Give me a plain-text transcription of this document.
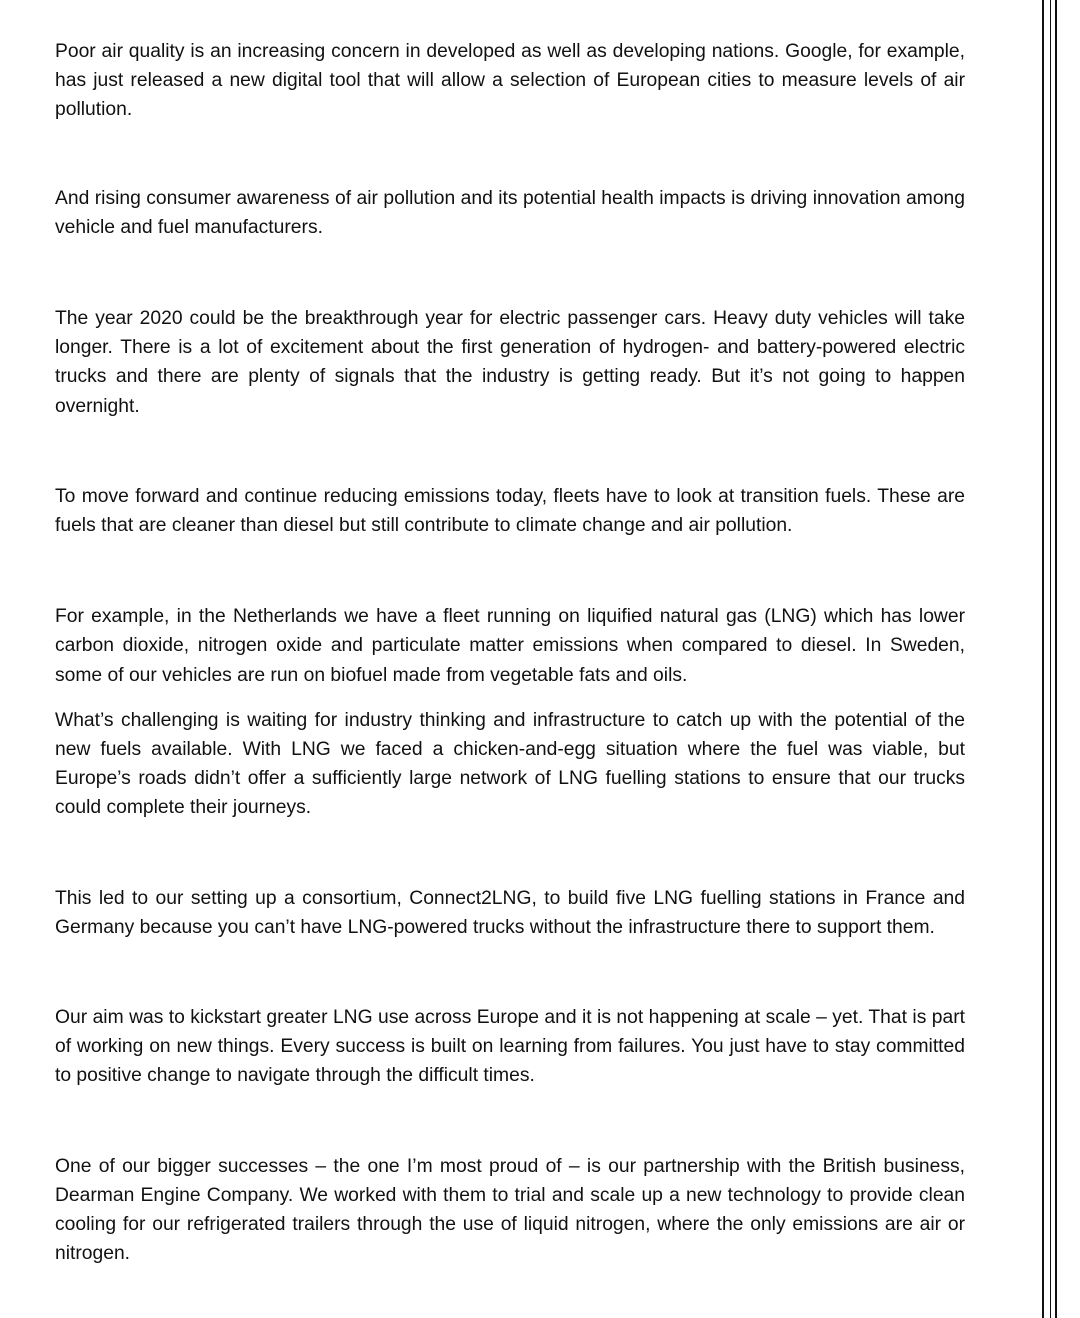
Poor air quality is an increasing concern in developed as well as developing nations. Google, for example, has just released a new digital tool that will allow a selection of European cities to measure levels of air pollution.

And rising consumer awareness of air pollution and its potential health impacts is driving innovation among vehicle and fuel manufacturers.

The year 2020 could be the breakthrough year for electric passenger cars. Heavy duty vehicles will take longer. There is a lot of excitement about the first generation of hydrogen- and battery-powered electric trucks and there are plenty of signals that the industry is getting ready. But it’s not going to happen overnight.

To move forward and continue reducing emissions today, fleets have to look at transition fuels. These are fuels that are cleaner than diesel but still contribute to climate change and air pollution.

For example, in the Netherlands we have a fleet running on liquified natural gas (LNG) which has lower carbon dioxide, nitrogen oxide and particulate matter emissions when compared to diesel. In Sweden, some of our vehicles are run on biofuel made from vegetable fats and oils.

What’s challenging is waiting for industry thinking and infrastructure to catch up with the potential of the new fuels available. With LNG we faced a chicken-and-egg situation where the fuel was viable, but Europe’s roads didn’t offer a sufficiently large network of LNG fuelling stations to ensure that our trucks could complete their journeys.

This led to our setting up a consortium, Connect2LNG, to build five LNG fuelling stations in France and Germany because you can’t have LNG-powered trucks without the infrastructure there to support them.

Our aim was to kickstart greater LNG use across Europe and it is not happening at scale – yet. That is part of working on new things. Every success is built on learning from failures. You just have to stay committed to positive change to navigate through the difficult times.

One of our bigger successes – the one I’m most proud of – is our partnership with the British business, Dearman Engine Company. We worked with them to trial and scale up a new technology to provide clean cooling for our refrigerated trailers through the use of liquid nitrogen, where the only emissions are air or nitrogen.
